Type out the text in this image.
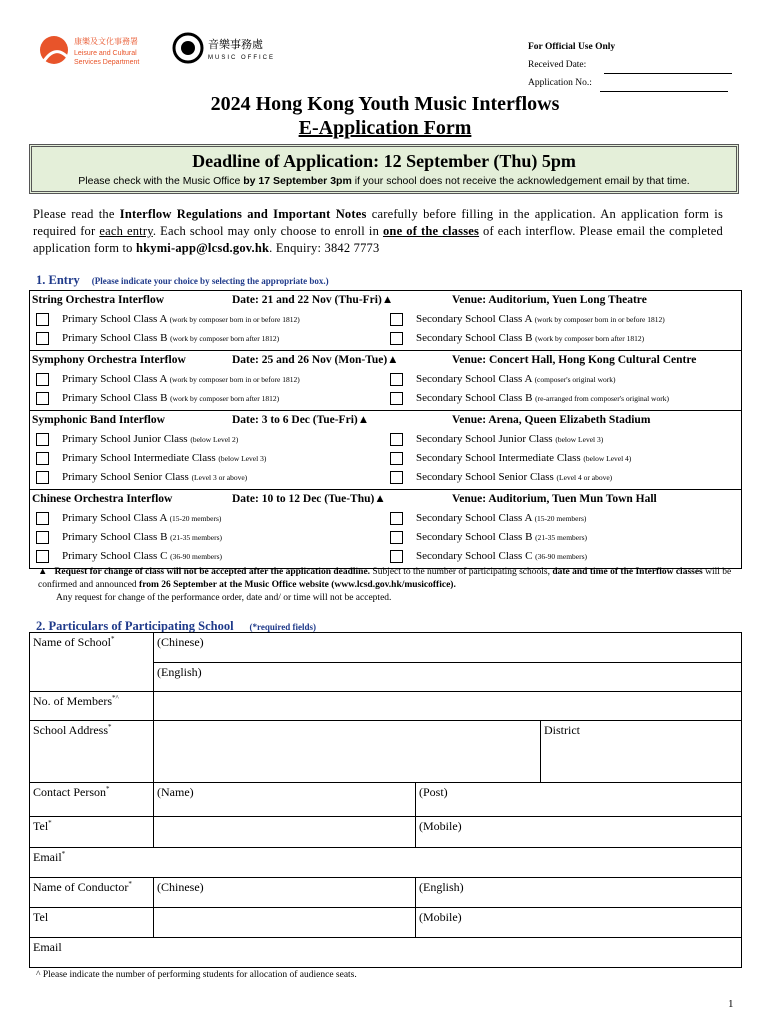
康樂及文化事務署
Leisure and Cultural
Services Department
音樂事務處
MUSIC OFFICE
For Official Use Only
Received Date:
Application No.:
2024 Hong Kong Youth Music Interflows
E-Application Form
Deadline of Application: 12 September (Thu) 5pm
Please check with the Music Office by 17 September 3pm if your school does not receive the acknowledgement email by that time.
Please read the Interflow Regulations and Important Notes carefully before filling in the application. An application form is required for each entry. Each school may only choose to enroll in one of the classes of each interflow. Please email the completed application form to hkymi-app@lcsd.gov.hk. Enquiry: 3842 7773
1. Entry (Please indicate your choice by selecting the appropriate box.)
String Orchestra Interflow	Date: 21 and 22 Nov (Thu-Fri)▲	Venue: Auditorium, Yuen Long Theatre
Primary School Class A (work by composer born in or before 1812)	Secondary School Class A (work by composer born in or before 1812)
Primary School Class B (work by composer born after 1812)	Secondary School Class B (work by composer born after 1812)
Symphony Orchestra Interflow	Date: 25 and 26 Nov (Mon-Tue)▲	Venue: Concert Hall, Hong Kong Cultural Centre
Primary School Class A (work by composer born in or before 1812)	Secondary School Class A (composer's original work)
Primary School Class B (work by composer born after 1812)	Secondary School Class B (re-arranged from composer's original work)
Symphonic Band Interflow	Date: 3 to 6 Dec (Tue-Fri)▲	Venue: Arena, Queen Elizabeth Stadium
Primary School Junior Class (below Level 2)	Secondary School Junior Class (below Level 3)
Primary School Intermediate Class (below Level 3)	Secondary School Intermediate Class (below Level 4)
Primary School Senior Class (Level 3 or above)	Secondary School Senior Class (Level 4 or above)
Chinese Orchestra Interflow	Date: 10 to 12 Dec (Tue-Thu)▲	Venue: Auditorium, Tuen Mun Town Hall
Primary School Class A (15-20 members)	Secondary School Class A (15-20 members)
Primary School Class B (21-35 members)	Secondary School Class B (21-35 members)
Primary School Class C (36-90 members)	Secondary School Class C (36-90 members)
▲ Request for change of class will not be accepted after the application deadline. Subject to the number of participating schools, date and time of the Interflow classes will be confirmed and announced from 26 September at the Music Office website (www.lcsd.gov.hk/musicoffice).
Any request for change of the performance order, date and/ or time will not be accepted.
2. Particulars of Participating School (*required fields)
Name of School*	(Chinese)		
	(English)		
No. of Members*^	
School Address*			District
Contact Person*	(Name)	(Post)	
Tel*		(Mobile)	
Email*
Name of Conductor*	(Chinese)	(English)	
Tel		(Mobile)	
Email			
^ Please indicate the number of performing students for allocation of audience seats.
1
